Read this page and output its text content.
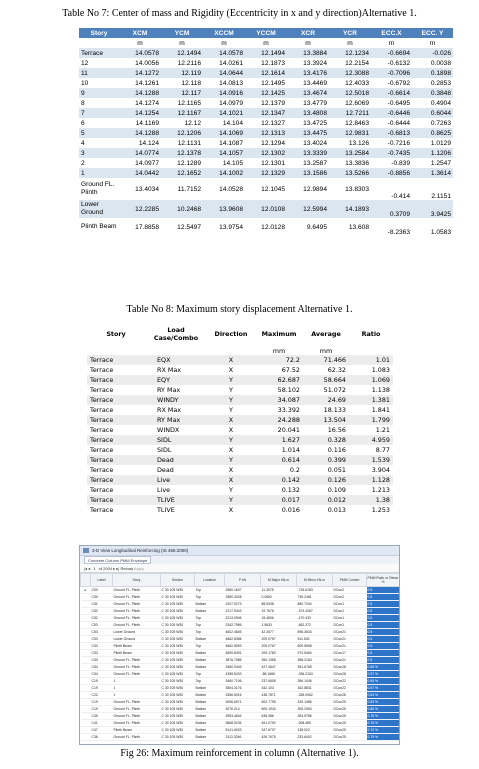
Table No 7: Center of mass and Rigidity (Eccentricity in x and y direction)Alternative 1.
Story	XCM	YCM	XCCM	YCCM	XCR	YCR	ECC.X	ECC. Y
	m	m	m	m	m	m	m	m
Terrace	14.0578	12.1494	14.0578	12.1494	13.3884	12.1234	-0.6694	-0.026
12	14.0056	12.2116	14.0261	12.1873	13.3924	12.2154	-0.6132	0.0038
11	14.1272	12.119	14.0644	12.1614	13.4176	12.3088	-0.7096	0.1898
10	14.1261	12.118	14.0813	12.1495	13.4469	12.4033	-0.6792	0.2853
9	14.1288	12.117	14.0916	12.1425	13.4674	12.5018	-0.6614	0.3848
8	14.1274	12.1165	14.0979	12.1379	13.4779	12.6069	-0.6495	0.4904
7	14.1254	12.1167	14.1021	12.1347	13.4808	12.7211	-0.6446	0.6044
6	14.1169	12.12	14.104	12.1327	13.4725	12.8463	-0.6444	0.7263
5	14.1288	12.1206	14.1069	12.1313	13.4475	12.9831	-0.6813	0.8625
4	14.124	12.1131	14.1087	12.1294	13.4024	13.126	-0.7216	1.0129
3	14.0774	12.1378	14.1057	12.1302	13.3339	13.2584	-0.7435	1.1206
2	14.0977	12.1289	14.105	12.1301	13.2587	13.3836	-0.839	1.2547
1	14.0442	12.1652	14.1002	12.1329	13.1586	13.5266	-0.8856	1.3614
Ground FL. Plinth	13.4034	11.7152	14.0528	12.1045	12.9894	13.8303	-0.414	2.1151
Lower Ground	12.2285	10.2468	13.9608	12.0108	12.5994	14.1893	0.3709	3.9425
Plinth Beam	17.8858	12.5497	13.9754	12.0128	9.6495	13.608	-8.2363	1.0583
Table No 8: Maximum story displacement Alternative 1.
Story	Load Case/Combo	Direction	Maximum	Average	Ratio
			mm	mm	
Terrace	EQX	X	72.2	71.466	1.01
Terrace	RX Max	X	67.52	62.32	1.083
Terrace	EQY	Y	62.687	58.664	1.069
Terrace	RY Max	Y	58.102	51.072	1.138
Terrace	WINDY	Y	34.087	24.69	1.381
Terrace	RX Max	Y	33.392	18.133	1.841
Terrace	RY Max	X	24.288	13.504	1.799
Terrace	WINDX	X	20.041	16.56	1.21
Terrace	SIDL	Y	1.627	0.328	4.959
Terrace	SIDL	X	1.014	0.116	8.77
Terrace	Dead	Y	0.614	0.399	1.539
Terrace	Dead	X	0.2	0.051	3.904
Terrace	Live	X	0.142	0.126	1.128
Terrace	Live	Y	0.132	0.109	1.213
Terrace	TLIVE	Y	0.017	0.012	1.38
Terrace	TLIVE	X	0.016	0.013	1.253
3-D View Longitudinal Reinforcing (IS 456:2000)
Concrete Column PMM Envelope
|◂ ◂ 1 of 2004 ▸ ▸| Reload Apply
	Label	Story	Section	Location	P kN	M Major kN-m	M Minor kN-m	PMM Combo	PMM Ratio or Rebar %
▸	C50	Ground FL. Plinth	C 30 105 W30	Top	2580.1607	11.3078	-726.6183	DCon2	0.5
	C50	Ground FL. Plinth	C 30 105 W30	Top	2580.3028	0.0562	735.2481	DCon2	0.5
	C51	Ground FL. Plinth	C 30 105 W30	Bottom	2207.9273	88.5338	880.7034	DCon1	0.5
	C52	Ground FL. Plinth	C 30 105 W30	Bottom	2217.9443	19.7676	-374.4267	DCon1	0.5
	C52	Ground FL. Plinth	C 30 105 W30	Top	2213.0946	15.4606	-470.433	DCon1	0.5
	C53	Ground FL. Plinth	C 30 105 W30	Top	2342.7965	1.9633	-682.372	DCon1	0.5
	C53	Lower Ground	C 30 105 W30	Top	4602.4845	42.2677	898.3633	DCon21	0.5
	C53	Lower Ground	C 30 105 W30	Bottom	4662.8356	209.0757	511.532	DCon21	0.5
	C53	Plinth Beam	C 30 105 W30	Top	4662.8093	209.0767	609.9658	DCon21	0.5
	C53	Plinth Beam	C 30 105 W30	Bottom	4659.8491	205.1783	973.5484	DCon17	0.5
	C53	Ground FL. Plinth	C 30 105 W30	Bottom	3876.7086	350.1358	358.2183	DCon21	0.5
	C54	Ground FL. Plinth	C 30 105 W30	Bottom	3460.9449	427.4647	351.6765	DCon28	0.65 %
	C54	Ground FL. Plinth	C 30 105 W30	Top	4358.8433	-88.1666	-336.2163	DCon28	0.57 %
	C19	1	C 30 105 W30	Top	3460.7106	237.6608	356.1046	DCon22	0.69 %
	C19	1	C 30 105 W30	Bottom	3504.3176	342.103	342.8831	DCon22	0.57 %
	C22	1	C 30 105 W30	Bottom	3356.5016	438.7871	-335.0062	DCon28	0.64 %
	C19	Ground FL. Plinth	C 30 105 W30	Bottom	3056.6571	502.7795	325.1486	DCon25	0.83 %
	C19	Ground FL. Plinth	C 30 105 W30	Bottom	3076.214	600.1943	305.2063	DCon25	0.80 %
	C35	Ground FL. Plinth	C 30 105 W30	Bottom	3953.4644	635.386	283.9786	DCon25	0.76 %
	C41	Ground FL. Plinth	C 30 105 W30	Bottom	3668.9234	461.0792	-308.489	DCon25	0.76 %
	C47	Plinth Beam	C 30 105 W30	Bottom	5141.6023	347.6707	138.022	DCon25	0.72 %
	C36	Ground FL. Plinth	C 30 105 W30	Bottom	3113.3246	426.7675	233.6402	DCon25	0.75 %
Fig 26: Maximum reinforcement in column (Alternative 1).
